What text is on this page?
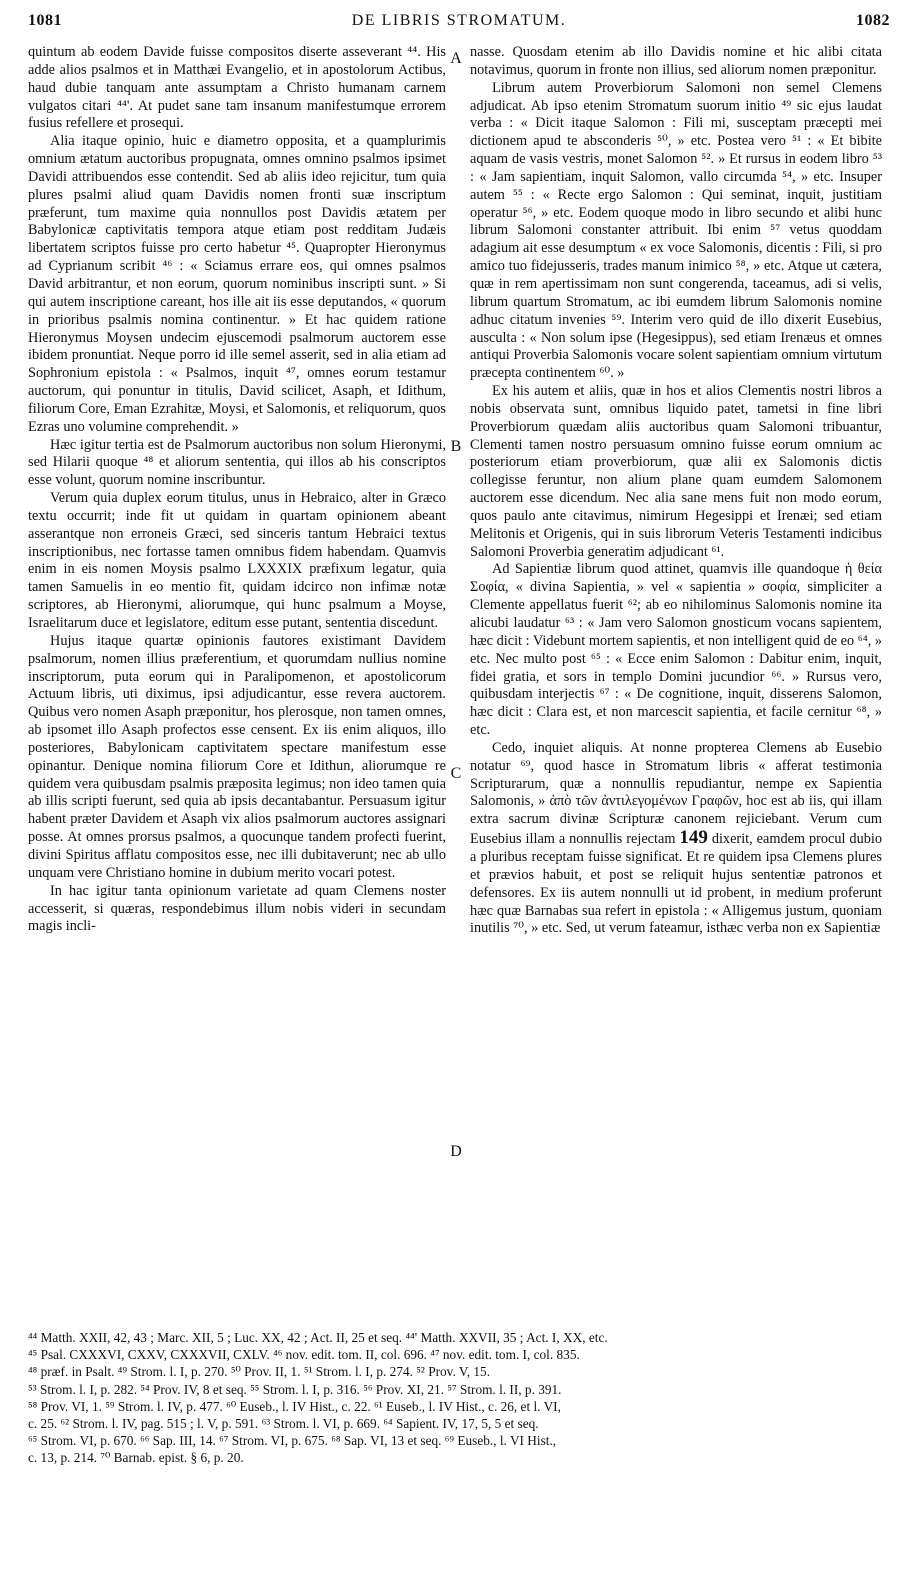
1081	DE LIBRIS STROMATUM.	1082

quintum ab eodem Davide fuisse compositos diserte asseverant ⁴⁴. His adde alios psalmos et in Matthæi Evangelio, et in apostolorum Actibus, haud dubie tanquam ante assumptam a Christo humanam carnem vulgatos citari ⁴⁴'. At pudet sane tam insanum manifestumque errorem fusius refellere et prosequi.

Alia itaque opinio, huic e diametro opposita, et a quamplurimis omnium ætatum auctoribus propugnata, omnes omnino psalmos ipsimet Davidi attribuendos esse contendit. Sed ab aliis ideo rejicitur, tum quia plures psalmi aliud quam Davidis nomen fronti suæ inscriptum præferunt, tum maxime quia nonnullos post Davidis ætatem per Babylonicæ captivitatis tempora atque etiam post redditam Judæis libertatem scriptos fuisse pro certo habetur ⁴⁵. Quapropter Hieronymus ad Cyprianum scribit ⁴⁶ : « Sciamus errare eos, qui omnes psalmos David arbitrantur, et non eorum, quorum nominibus inscripti sunt. » Si qui autem inscriptione careant, hos ille ait iis esse deputandos, « quorum in prioribus psalmis nomina continentur. » Et hac quidem ratione Hieronymus Moysen undecim ejuscemodi psalmorum auctorem esse ibidem pronuntiat. Neque porro id ille semel asserit, sed in alia etiam ad Sophronium epistola : « Psalmos, inquit ⁴⁷, omnes eorum testamur auctorum, qui ponuntur in titulis, David scilicet, Asaph, et Idithum, filiorum Core, Eman Ezrahitæ, Moysi, et Salomonis, et reliquorum, quos Ezras uno volumine comprehendit. »

Hæc igitur tertia est de Psalmorum auctoribus non solum Hieronymi, sed Hilarii quoque ⁴⁸ et aliorum sententia, qui illos ab his conscriptos esse volunt, quorum nomine inscribuntur.

Verum quia duplex eorum titulus, unus in Hebraico, alter in Græco textu occurrit; inde fit ut quidam in quartam opinionem abeant asserantque non erroneis Græci, sed sinceris tantum Hebraici textus inscriptionibus, nec fortasse tamen omnibus fidem habendam. Quamvis enim in eis nomen Moysis psalmo LXXXIX præfixum legatur, quia tamen Samuelis in eo mentio fit, quidam idcirco non infimæ notæ scriptores, ab Hieronymi, aliorumque, qui hunc psalmum a Moyse, Israelitarum duce et legislatore, editum esse putant, sententia discedunt.

Hujus itaque quartæ opinionis fautores existimant Davidem psalmorum, nomen illius præferentium, et quorumdam nullius nomine inscriptorum, puta eorum qui in Paralipomenon, et apostolicorum Actuum libris, uti diximus, ipsi adjudicantur, esse revera auctorem. Quibus vero nomen Asaph præponitur, hos plerosque, non tamen omnes, ab ipsomet illo Asaph profectos esse censent. Ex iis enim aliquos, illo posteriores, Babylonicam captivitatem spectare manifestum esse opinantur. Denique nomina filiorum Core et Idithun, aliorumque re quidem vera quibusdam psalmis præposita legimus; non ideo tamen quia ab illis scripti fuerunt, sed quia ab ipsis decantabantur. Persuasum igitur habent præter Davidem et Asaph vix alios psalmorum auctores assignari posse. At omnes prorsus psalmos, a quocunque tandem profecti fuerint, divini Spiritus afflatu compositos esse, nec illi dubitaverunt; nec ab ullo unquam vere Christiano homine in dubium merito vocari potest.

In hac igitur tanta opinionum varietate ad quam Clemens noster accesserit, si quæras, respondebimus illum nobis videri in secundam magis incli-

A
B
C
D

nasse. Quosdam etenim ab illo Davidis nomine et hic alibi citata notavimus, quorum in fronte non illius, sed aliorum nomen præponitur.

Librum autem Proverbiorum Salomoni non semel Clemens adjudicat. Ab ipso etenim Stromatum suorum initio ⁴⁹ sic ejus laudat verba : « Dicit itaque Salomon : Fili mi, susceptam præcepti mei dictionem apud te absconderis ⁵⁰, » etc. Postea vero ⁵¹ : « Et bibite aquam de vasis vestris, monet Salomon ⁵². » Et rursus in eodem libro ⁵³ : « Jam sapientiam, inquit Salomon, vallo circumda ⁵⁴, » etc. Insuper autem ⁵⁵ : « Recte ergo Salomon : Qui seminat, inquit, justitiam operatur ⁵⁶, » etc. Eodem quoque modo in libro secundo et alibi hunc librum Salomoni constanter attribuit. Ibi enim ⁵⁷ vetus quoddam adagium ait esse desumptum « ex voce Salomonis, dicentis : Fili, si pro amico tuo fidejusseris, trades manum inimico ⁵⁸, » etc. Atque ut cætera, quæ in rem apertissimam non sunt congerenda, taceamus, adi si velis, librum quartum Stromatum, ac ibi eumdem librum Salomonis nomine adhuc citatum invenies ⁵⁹. Interim vero quid de illo dixerit Eusebius, ausculta : « Non solum ipse (Hegesippus), sed etiam Irenæus et omnes antiqui Proverbia Salomonis vocare solent sapientiam omnium virtutum præcepta continentem ⁶⁰. »

Ex his autem et aliis, quæ in hos et alios Clementis nostri libros a nobis observata sunt, omnibus liquido patet, tametsi in fine libri Proverbiorum quædam aliis auctoribus quam Salomoni tribuantur, Clementi tamen nostro persuasum omnino fuisse eorum omnium ac posteriorum etiam proverbiorum, quæ alii ex Salomonis dictis collegisse feruntur, non alium plane quam eumdem Salomonem auctorem esse dicendum. Nec alia sane mens fuit non modo eorum, quos paulo ante citavimus, nimirum Hegesippi et Irenæi; sed etiam Melitonis et Origenis, qui in suis librorum Veteris Testamenti indicibus Salomoni Proverbia generatim adjudicant ⁶¹.

Ad Sapientiæ librum quod attinet, quamvis ille quandoque ἡ θεία Σοφία, « divina Sapientia, » vel « sapientia » σοφία, simpliciter a Clemente appellatus fuerit ⁶²; ab eo nihilominus Salomonis nomine ita alicubi laudatur ⁶³ : « Jam vero Salomon gnosticum vocans sapientem, hæc dicit : Videbunt mortem sapientis, et non intelligent quid de eo ⁶⁴, » etc. Nec multo post ⁶⁵ : « Ecce enim Salomon : Dabitur enim, inquit, fidei gratia, et sors in templo Domini jucundior ⁶⁶. » Rursus vero, quibusdam interjectis ⁶⁷ : « De cognitione, inquit, disserens Salomon, hæc dicit : Clara est, et non marcescit sapientia, et facile cernitur ⁶⁸, » etc.

Cedo, inquiet aliquis. At nonne propterea Clemens ab Eusebio notatur ⁶⁹, quod hasce in Stromatum libris « afferat testimonia Scripturarum, quæ a nonnullis repudiantur, nempe ex Sapientia Salomonis, » ἀπὸ τῶν ἀντιλεγομένων Γραφῶν, hoc est ab iis, qui illam extra sacrum divinæ Scripturæ canonem rejiciebant. Verum cum Eusebius illam a nonnullis rejectam 149 dixerit, eamdem procul dubio a pluribus receptam fuisse significat. Et re quidem ipsa Clemens plures et prævios habuit, et post se reliquit hujus sententiæ patronos et defensores. Ex iis autem nonnulli ut id probent, in medium proferunt hæc quæ Barnabas sua refert in epistola : « Alligemus justum, quoniam inutilis ⁷⁰, » etc. Sed, ut verum fateamur, isthæc verba non ex Sapientiæ

⁴⁴ Matth. XXII, 42, 43 ; Marc. XII, 5 ; Luc. XX, 42 ; Act. II, 25 et seq. ⁴⁴' Matth. XXVII, 35 ; Act. I, XX, etc.
⁴⁵ Psal. CXXXVI, CXXV, CXXXVII, CXLV. ⁴⁶ nov. edit. tom. II, col. 696. ⁴⁷ nov. edit. tom. I, col. 835.
⁴⁸ præf. in Psalt. ⁴⁹ Strom. l. I, p. 270. ⁵⁰ Prov. II, 1. ⁵¹ Strom. l. I, p. 274. ⁵² Prov. V, 15.
⁵³ Strom. l. I, p. 282. ⁵⁴ Prov. IV, 8 et seq. ⁵⁵ Strom. l. I, p. 316. ⁵⁶ Prov. XI, 21. ⁵⁷ Strom. l. II, p. 391.
⁵⁸ Prov. VI, 1. ⁵⁹ Strom. l. IV, p. 477. ⁶⁰ Euseb., l. IV Hist., c. 22. ⁶¹ Euseb., l. IV Hist., c. 26, et l. VI,
c. 25. ⁶² Strom. l. IV, pag. 515 ; l. V, p. 591. ⁶³ Strom. l. VI, p. 669. ⁶⁴ Sapient. IV, 17, 5, 5 et seq.
⁶⁵ Strom. VI, p. 670. ⁶⁶ Sap. III, 14. ⁶⁷ Strom. VI, p. 675. ⁶⁸ Sap. VI, 13 et seq. ⁶⁹ Euseb., l. VI Hist.,
c. 13, p. 214. ⁷⁰ Barnab. epist. § 6, p. 20.
